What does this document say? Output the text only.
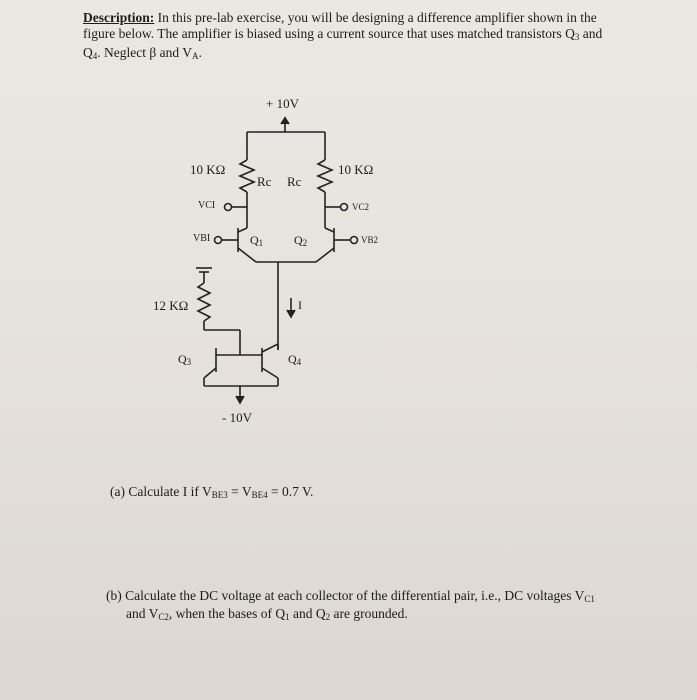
Description: In this pre-lab exercise, you will be designing a difference amplifier shown in the
figure below. The amplifier is biased using a current source that uses matched transistors $Q_3$ and
$Q_4$. Neglect β and $V_A$.
+ 10V
10 KΩ	10 KΩ
Rc Rc
VCI	VC2
VBI	VB2
$Q_1$	$Q_2$
12 KΩ	I
$Q_3$	$Q_4$
- 10V
(a) Calculate I if $V_{BE3} = V_{BE4} = 0.7$ V.
(b) Calculate the DC voltage at each collector of the differential pair, i.e., DC voltages $V_{C1}$
and $V_{C2}$, when the bases of $Q_1$ and $Q_2$ are grounded.
